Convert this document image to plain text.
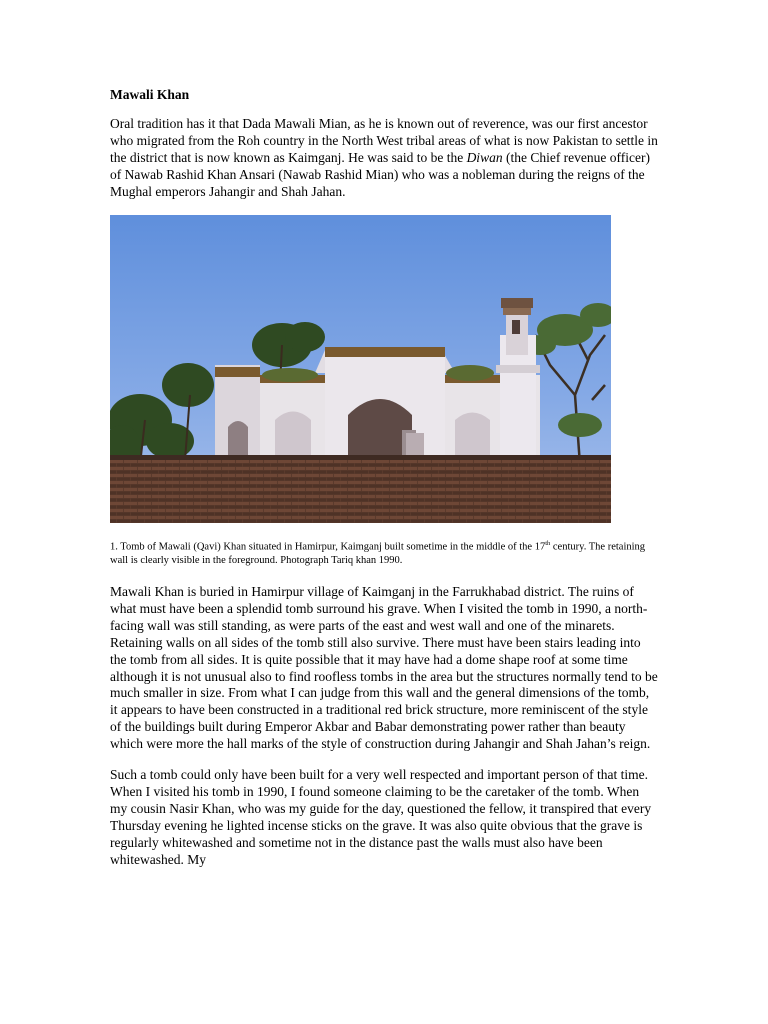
Mawali Khan

Oral tradition has it that Dada Mawali Mian, as he is known out of reverence, was our first ancestor who migrated from the Roh country in the North West tribal areas of what is now Pakistan to settle in the district that is now known as Kaimganj. He was said to be the Diwan (the Chief revenue officer) of Nawab Rashid Khan Ansari (Nawab Rashid Mian) who was a nobleman during the reigns of the Mughal emperors Jahangir and Shah Jahan.

1. Tomb of Mawali (Qavi) Khan situated in Hamirpur, Kaimganj built sometime in the middle of the 17th century. The retaining wall is clearly visible in the foreground. Photograph Tariq khan 1990.

Mawali Khan is buried in Hamirpur village of Kaimganj in the Farrukhabad district. The ruins of what must have been a splendid tomb surround his grave. When I visited the tomb in 1990, a north-facing wall was still standing, as were parts of the east and west wall and one of the minarets. Retaining walls on all sides of the tomb still also survive. There must have been stairs leading into the tomb from all sides. It is quite possible that it may have had a dome shape roof at some time although it is not unusual also to find roofless tombs in the area but the structures normally tend to be much smaller in size. From what I can judge from this wall and the general dimensions of the tomb, it appears to have been constructed in a traditional red brick structure, more reminiscent of the style of the buildings built during Emperor Akbar and Babar demonstrating power rather than beauty which were more the hall marks of the style of construction during Jahangir and Shah Jahan’s reign.

Such a tomb could only have been built for a very well respected and important person of that time. When I visited his tomb in 1990, I found someone claiming to be the caretaker of the tomb. When my cousin Nasir Khan, who was my guide for the day, questioned the fellow, it transpired that every Thursday evening he lighted incense sticks on the grave. It was also quite obvious that the grave is regularly whitewashed and sometime not in the distance past the walls must also have been whitewashed. My
